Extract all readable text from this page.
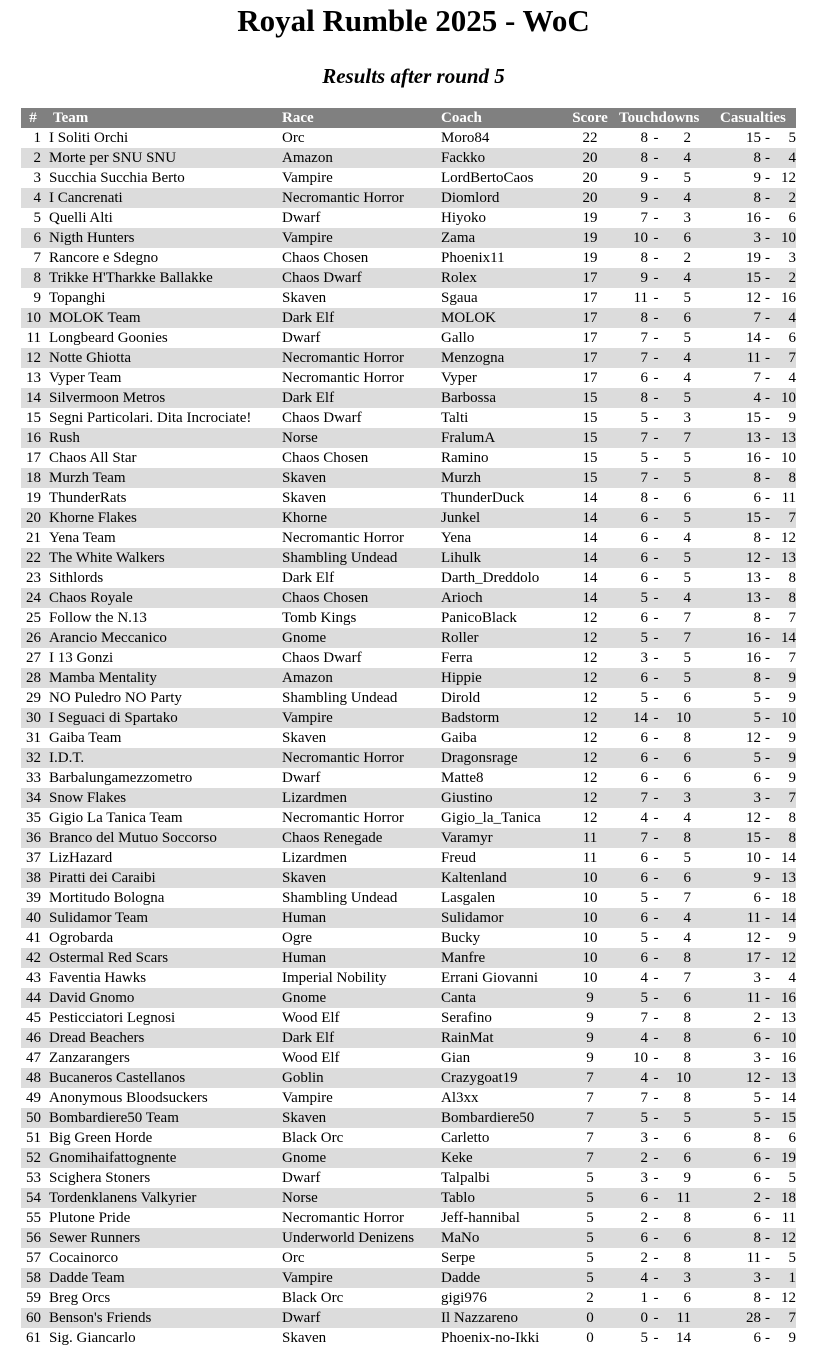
Royal Rumble 2025 - WoC
Results after round 5
#	Team	Race	Coach	Score	Touchdowns				Casualties		
1	I Soliti Orchi	Orc	Moro84	22	8	-	2		15	-	5
2	Morte per SNU SNU	Amazon	Fackko	20	8	-	4		8	-	4
3	Succhia Succhia Berto	Vampire	LordBertoCaos	20	9	-	5		9	-	12
4	I Cancrenati	Necromantic Horror	Diomlord	20	9	-	4		8	-	2
5	Quelli Alti	Dwarf	Hiyoko	19	7	-	3		16	-	6
6	Nigth Hunters	Vampire	Zama	19	10	-	6		3	-	10
7	Rancore e Sdegno	Chaos Chosen	Phoenix11	19	8	-	2		19	-	3
8	Trikke H'Tharkke Ballakke	Chaos Dwarf	Rolex	17	9	-	4		15	-	2
9	Topanghi	Skaven	Sgaua	17	11	-	5		12	-	16
10	MOLOK Team	Dark Elf	MOLOK	17	8	-	6		7	-	4
11	Longbeard Goonies	Dwarf	Gallo	17	7	-	5		14	-	6
12	Notte Ghiotta	Necromantic Horror	Menzogna	17	7	-	4		11	-	7
13	Vyper Team	Necromantic Horror	Vyper	17	6	-	4		7	-	4
14	Silvermoon Metros	Dark Elf	Barbossa	15	8	-	5		4	-	10
15	Segni Particolari. Dita Incrociate!	Chaos Dwarf	Talti	15	5	-	3		15	-	9
16	Rush	Norse	FralumA	15	7	-	7		13	-	13
17	Chaos All Star	Chaos Chosen	Ramino	15	5	-	5		16	-	10
18	Murzh Team	Skaven	Murzh	15	7	-	5		8	-	8
19	ThunderRats	Skaven	ThunderDuck	14	8	-	6		6	-	11
20	Khorne Flakes	Khorne	Junkel	14	6	-	5		15	-	7
21	Yena Team	Necromantic Horror	Yena	14	6	-	4		8	-	12
22	The White Walkers	Shambling Undead	Lihulk	14	6	-	5		12	-	13
23	Sithlords	Dark Elf	Darth_Dreddolo	14	6	-	5		13	-	8
24	Chaos Royale	Chaos Chosen	Arioch	14	5	-	4		13	-	8
25	Follow the N.13	Tomb Kings	PanicoBlack	12	6	-	7		8	-	7
26	Arancio Meccanico	Gnome	Roller	12	5	-	7		16	-	14
27	I 13 Gonzi	Chaos Dwarf	Ferra	12	3	-	5		16	-	7
28	Mamba Mentality	Amazon	Hippie	12	6	-	5		8	-	9
29	NO Puledro NO Party	Shambling Undead	Dirold	12	5	-	6		5	-	9
30	I Seguaci di Spartako	Vampire	Badstorm	12	14	-	10		5	-	10
31	Gaiba Team	Skaven	Gaiba	12	6	-	8		12	-	9
32	I.D.T.	Necromantic Horror	Dragonsrage	12	6	-	6		5	-	9
33	Barbalungamezzometro	Dwarf	Matte8	12	6	-	6		6	-	9
34	Snow Flakes	Lizardmen	Giustino	12	7	-	3		3	-	7
35	Gigio La Tanica Team	Necromantic Horror	Gigio_la_Tanica	12	4	-	4		12	-	8
36	Branco del Mutuo Soccorso	Chaos Renegade	Varamyr	11	7	-	8		15	-	8
37	LizHazard	Lizardmen	Freud	11	6	-	5		10	-	14
38	Piratti dei Caraibi	Skaven	Kaltenland	10	6	-	6		9	-	13
39	Mortitudo Bologna	Shambling Undead	Lasgalen	10	5	-	7		6	-	18
40	Sulidamor Team	Human	Sulidamor	10	6	-	4		11	-	14
41	Ogrobarda	Ogre	Bucky	10	5	-	4		12	-	9
42	Ostermal Red Scars	Human	Manfre	10	6	-	8		17	-	12
43	Faventia Hawks	Imperial Nobility	Errani Giovanni	10	4	-	7		3	-	4
44	David Gnomo	Gnome	Canta	9	5	-	6		11	-	16
45	Pesticciatori Legnosi	Wood Elf	Serafino	9	7	-	8		2	-	13
46	Dread Beachers	Dark Elf	RainMat	9	4	-	8		6	-	10
47	Zanzarangers	Wood Elf	Gian	9	10	-	8		3	-	16
48	Bucaneros Castellanos	Goblin	Crazygoat19	7	4	-	10		12	-	13
49	Anonymous Bloodsuckers	Vampire	Al3xx	7	7	-	8		5	-	14
50	Bombardiere50 Team	Skaven	Bombardiere50	7	5	-	5		5	-	15
51	Big Green Horde	Black Orc	Carletto	7	3	-	6		8	-	6
52	Gnomihaifattognente	Gnome	Keke	7	2	-	6		6	-	19
53	Scighera Stoners	Dwarf	Talpalbi	5	3	-	9		6	-	5
54	Tordenklanens Valkyrier	Norse	Tablo	5	6	-	11		2	-	18
55	Plutone Pride	Necromantic Horror	Jeff-hannibal	5	2	-	8		6	-	11
56	Sewer Runners	Underworld Denizens	MaNo	5	6	-	6		8	-	12
57	Cocainorco	Orc	Serpe	5	2	-	8		11	-	5
58	Dadde Team	Vampire	Dadde	5	4	-	3		3	-	1
59	Breg Orcs	Black Orc	gigi976	2	1	-	6		8	-	12
60	Benson's Friends	Dwarf	Il Nazzareno	0	0	-	11		28	-	7
61	Sig. Giancarlo	Skaven	Phoenix-no-Ikki	0	5	-	14		6	-	9
